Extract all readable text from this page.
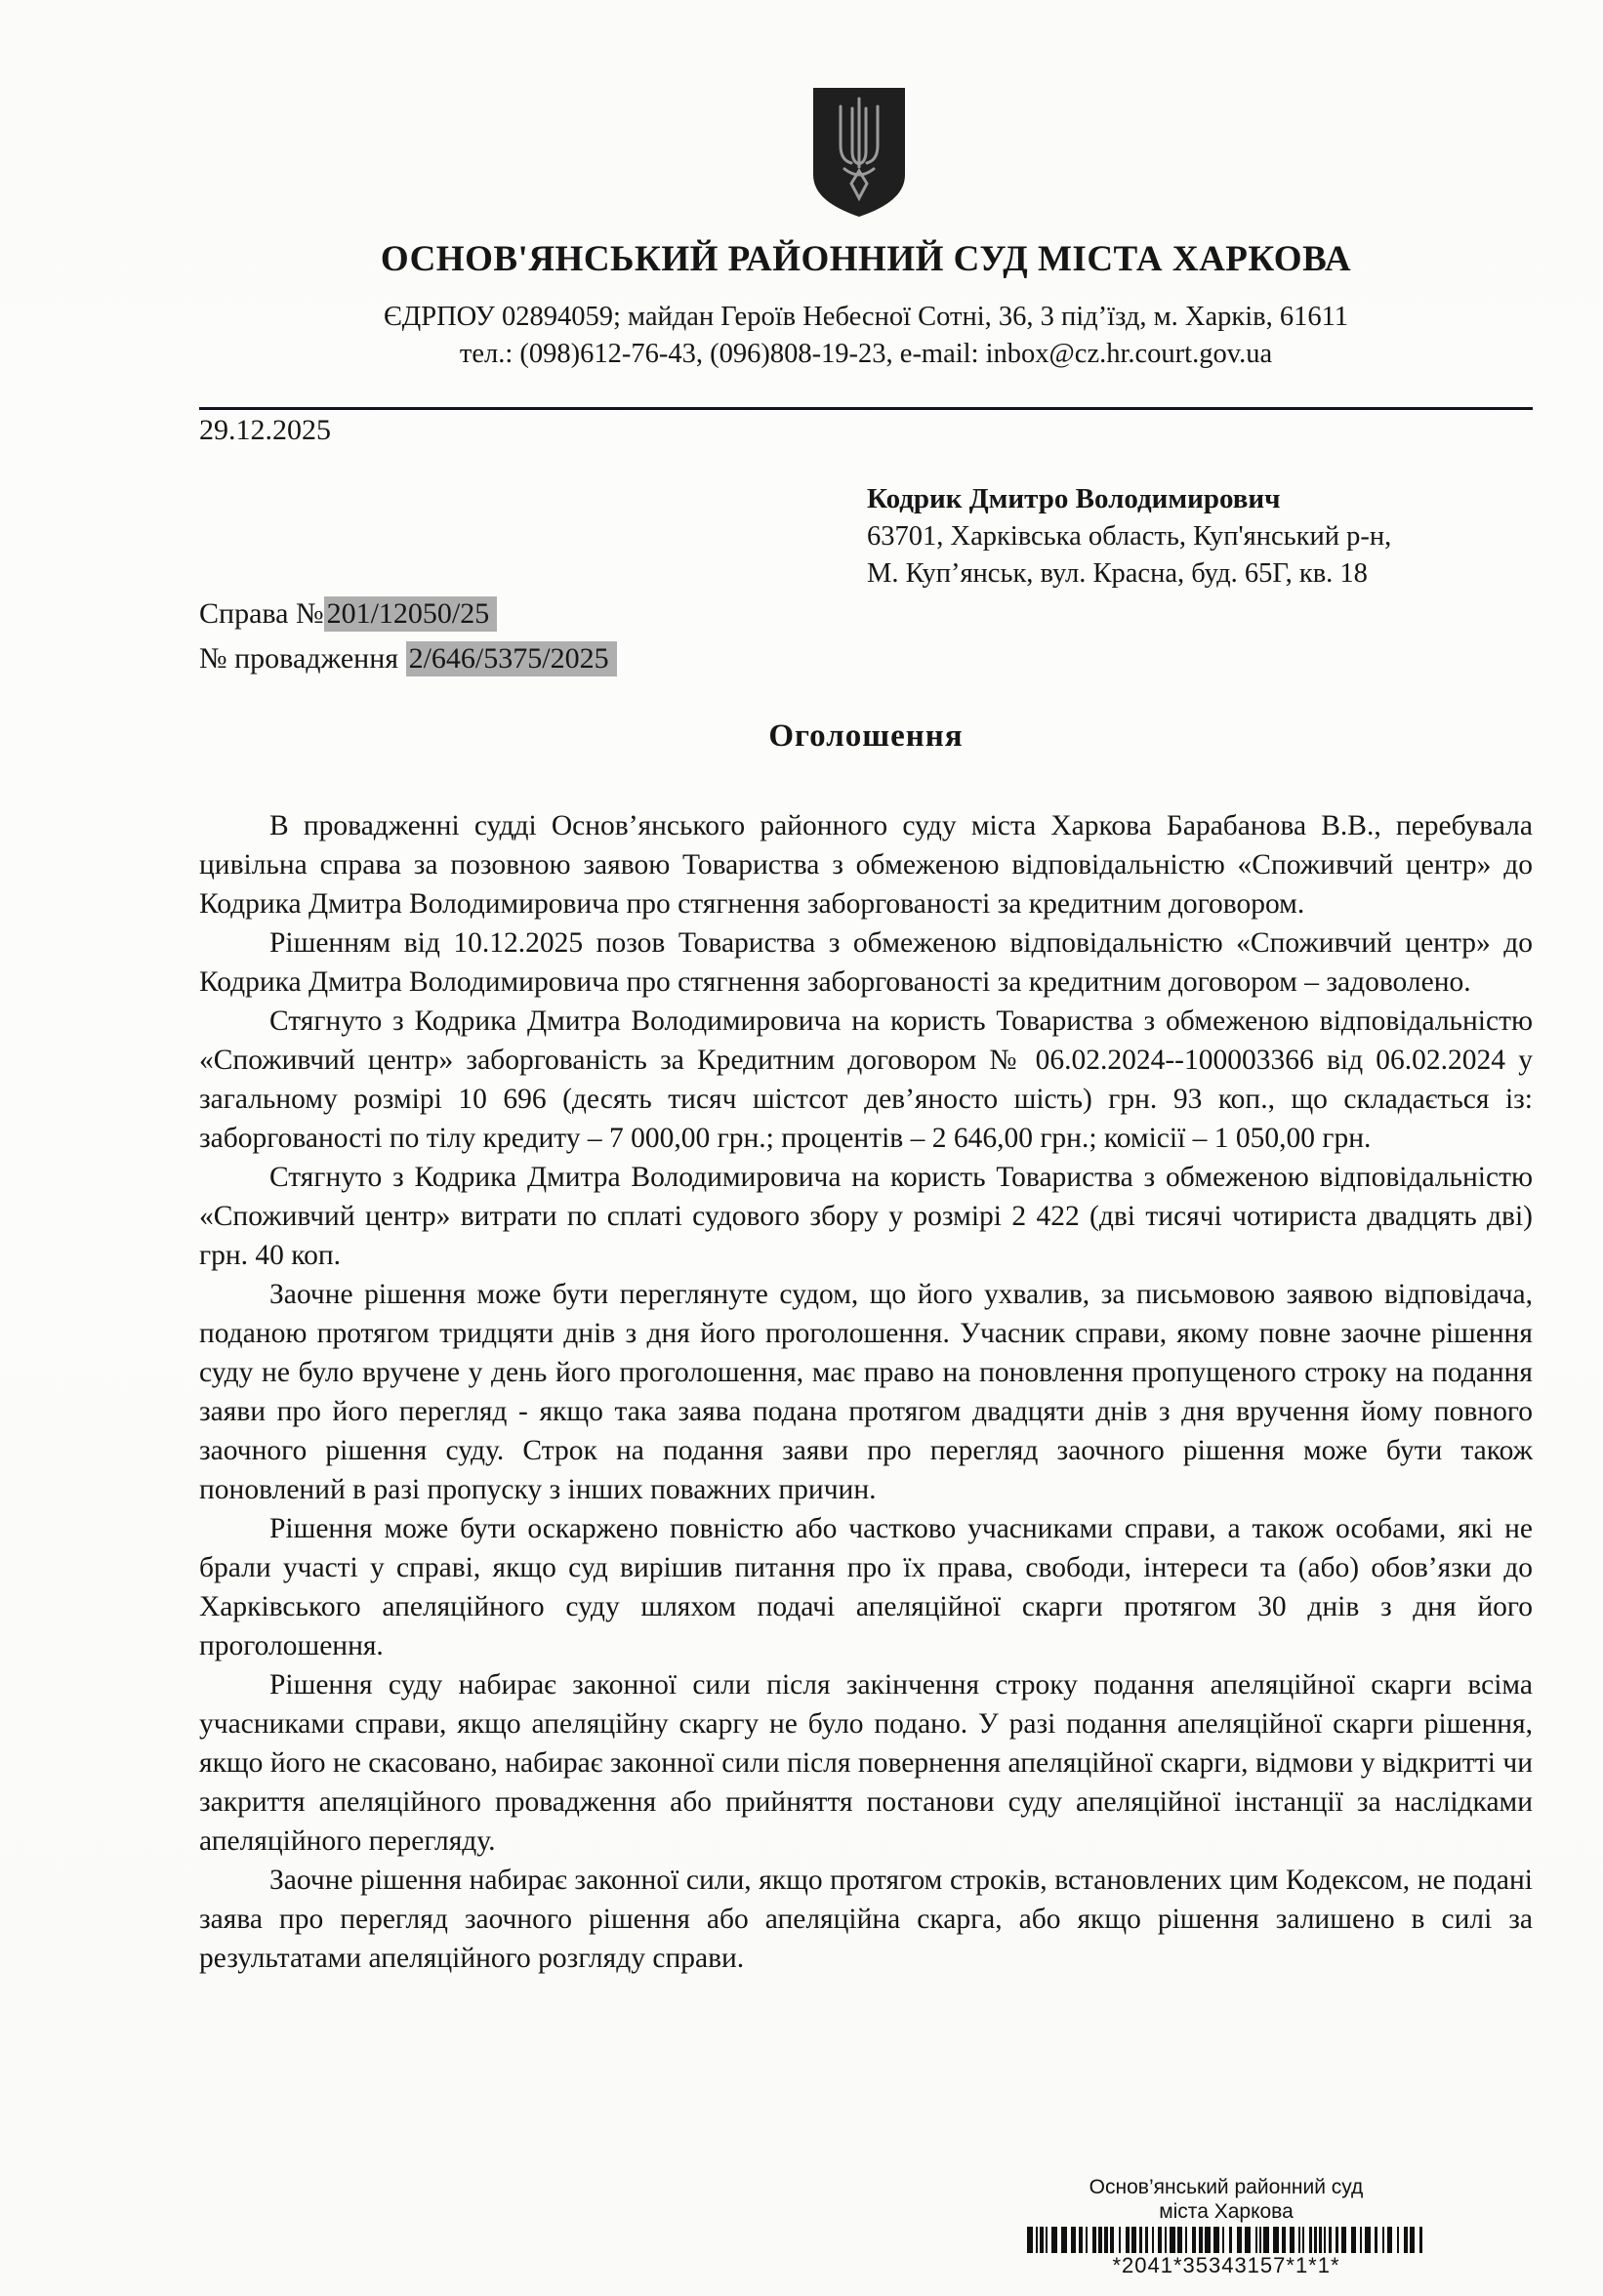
ОСНОВ'ЯНСЬКИЙ РАЙОННИЙ СУД МІСТА ХАРКОВА
ЄДРПОУ 02894059; майдан Героїв Небесної Сотні, 36, 3 під’їзд, м. Харків, 61611
тел.: (098)612-76-43, (096)808-19-23, e-mail: inbox@cz.hr.court.gov.ua
29.12.2025
Кодрик Дмитро Володимирович
63701, Харківська область, Куп'янський р-н,
М. Куп’янськ, вул. Красна, буд. 65Г, кв. 18
Справа № 201/12050/25
№ провадження 2/646/5375/2025
Оголошення

В провадженні судді Основ’янського районного суду міста Харкова Барабанова В.В., перебувала цивільна справа за позовною заявою Товариства з обмеженою відповідальністю «Споживчий центр» до Кодрика Дмитра Володимировича про стягнення заборгованості за кредитним договором.

Рішенням від 10.12.2025 позов Товариства з обмеженою відповідальністю «Споживчий центр» до Кодрика Дмитра Володимировича про стягнення заборгованості за кредитним договором – задоволено.

Стягнуто з Кодрика Дмитра Володимировича на користь Товариства з обмеженою відповідальністю «Споживчий центр» заборгованість за Кредитним договором № 06.02.2024--100003366 від 06.02.2024 у загальному розмірі 10 696 (десять тисяч шістсот дев’яносто шість) грн. 93 коп., що складається із: заборгованості по тілу кредиту – 7 000,00 грн.; процентів – 2 646,00 грн.; комісії – 1 050,00 грн.

Стягнуто з Кодрика Дмитра Володимировича на користь Товариства з обмеженою відповідальністю «Споживчий центр» витрати по сплаті судового збору у розмірі 2 422 (дві тисячі чотириста двадцять дві) грн. 40 коп.

Заочне рішення може бути переглянуте судом, що його ухвалив, за письмовою заявою відповідача, поданою протягом тридцяти днів з дня його проголошення. Учасник справи, якому повне заочне рішення суду не було вручене у день його проголошення, має право на поновлення пропущеного строку на подання заяви про його перегляд - якщо така заява подана протягом двадцяти днів з дня вручення йому повного заочного рішення суду. Строк на подання заяви про перегляд заочного рішення може бути також поновлений в разі пропуску з інших поважних причин.

Рішення може бути оскаржено повністю або частково учасниками справи, а також особами, які не брали участі у справі, якщо суд вирішив питання про їх права, свободи, інтереси та (або) обов’язки до Харківського апеляційного суду шляхом подачі апеляційної скарги протягом 30 днів з дня його проголошення.

Рішення суду набирає законної сили після закінчення строку подання апеляційної скарги всіма учасниками справи, якщо апеляційну скаргу не було подано. У разі подання апеляційної скарги рішення, якщо його не скасовано, набирає законної сили після повернення апеляційної скарги, відмови у відкритті чи закриття апеляційного провадження або прийняття постанови суду апеляційної інстанції за наслідками апеляційного перегляду.

Заочне рішення набирає законної сили, якщо протягом строків, встановлених цим Кодексом, не подані заява про перегляд заочного рішення або апеляційна скарга, або якщо рішення залишено в силі за результатами апеляційного розгляду справи.

Основ’янський районний суд
міста Харкова
*2041*35343157*1*1*
